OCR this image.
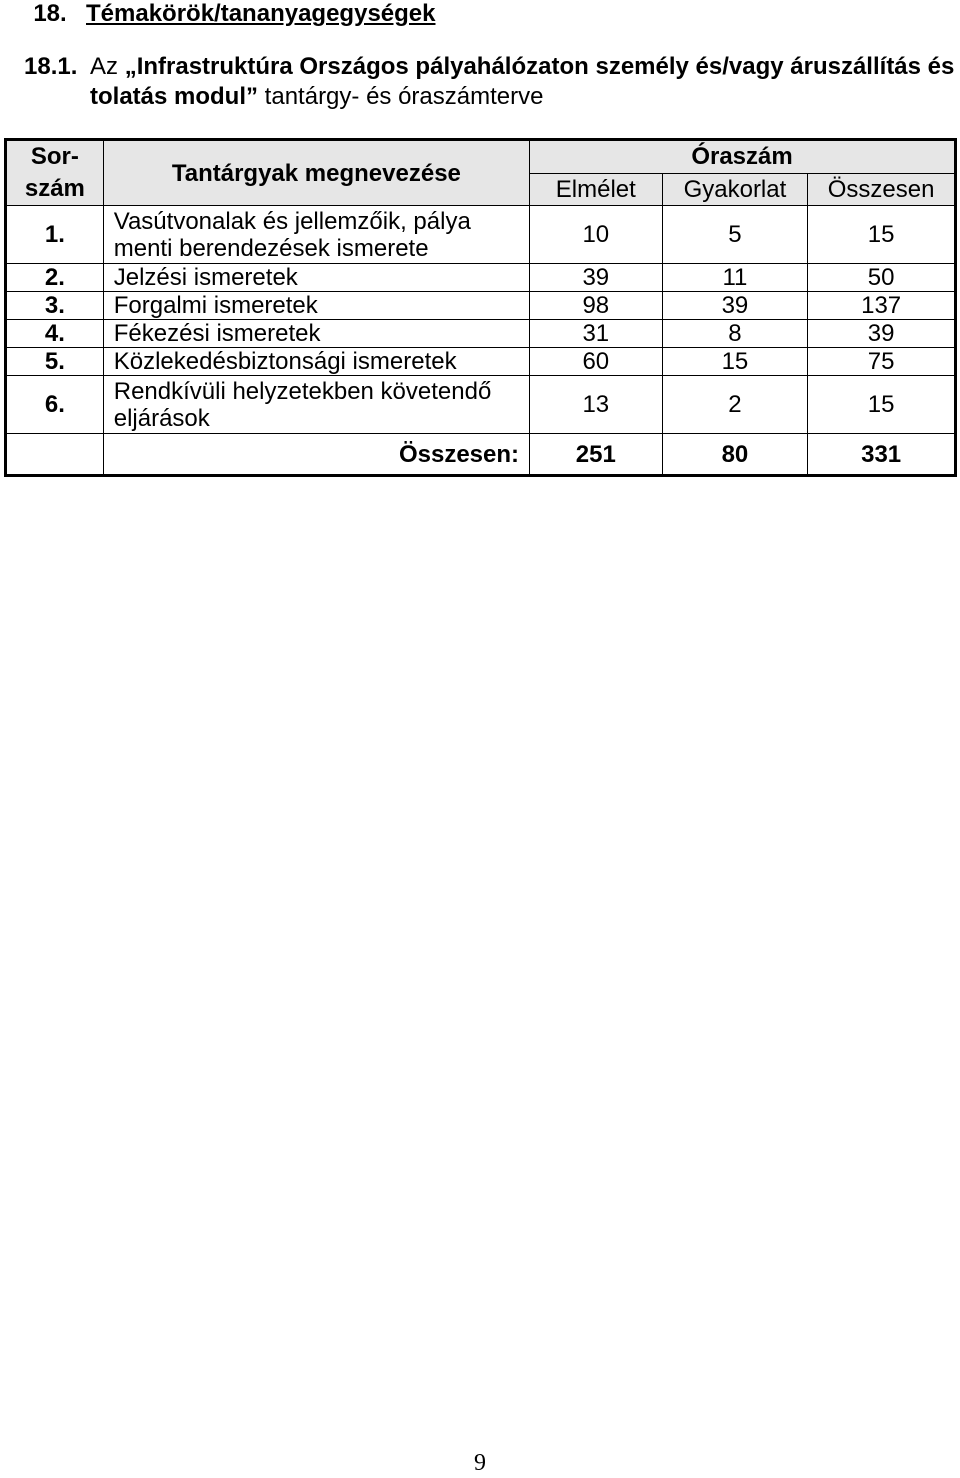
18. Témakörök/tananyagegységek
18.1. Az „Infrastruktúra Országos pályahálózaton személy és/vagy áruszállítás és tolatás modul” tantárgy- és óraszámterve
Sor-szám	Tantárgyak megnevezése	Óraszám		
		Elmélet	Gyakorlat	Összesen
1.	Vasútvonalak és jellemzőik, pálya menti berendezések ismerete	10	5	15
2.	Jelzési ismeretek	39	11	50
3.	Forgalmi ismeretek	98	39	137
4.	Fékezési ismeretek	31	8	39
5.	Közlekedésbiztonsági ismeretek	60	15	75
6.	Rendkívüli helyzetekben követendő eljárások	13	2	15
	Összesen:	251	80	331
9
